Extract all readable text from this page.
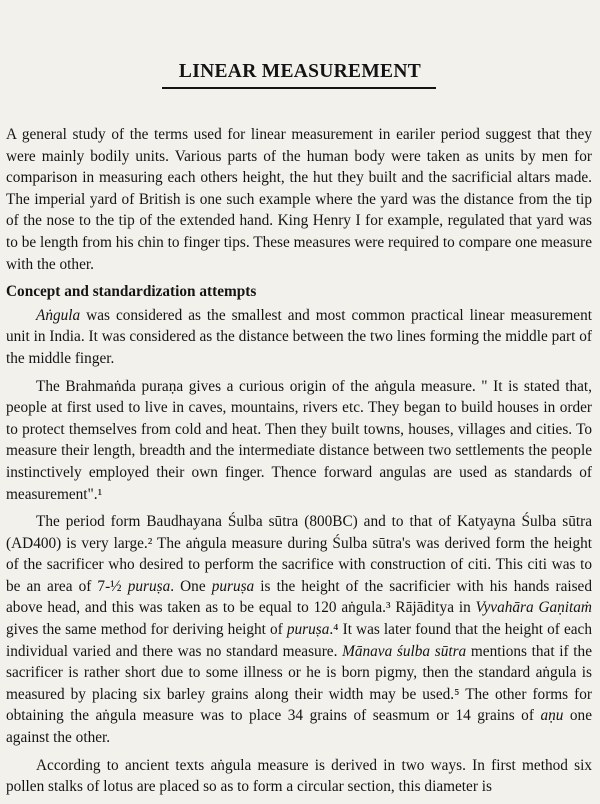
LINEAR MEASUREMENT

A general study of the terms used for linear measurement in eariler period suggest that they were mainly bodily units. Various parts of the human body were taken as units by men for comparison in measuring each others height, the hut they built and the sacrificial altars made. The imperial yard of British is one such example where the yard was the distance from the tip of the nose to the tip of the extended hand. King Henry I for example, regulated that yard was to be length from his chin to finger tips. These measures were required to compare one measure with the other.

Concept and standardization attempts

Aṅgula was considered as the smallest and most common practical linear measurement unit in India. It was considered as the distance between the two lines forming the middle part of the middle finger.

The Brahmaṅda puraṇa gives a curious origin of the aṅgula measure. " It is stated that, people at first used to live in caves, mountains, rivers etc. They began to build houses in order to protect themselves from cold and heat. Then they built towns, houses, villages and cities. To measure their length, breadth and the intermediate distance between two settlements the people instinctively employed their own finger. Thence forward angulas are used as standards of measurement".¹

The period form Baudhayana Śulba sūtra (800BC) and to that of Katyayna Śulba sūtra (AD400) is very large.² The aṅgula measure during Śulba sūtra's was derived form the height of the sacrificer who desired to perform the sacrifice with construction of citi. This citi was to be an area of 7-½ puruṣa. One puruṣa is the height of the sacrificier with his hands raised above head, and this was taken as to be equal to 120 aṅgula.³ Rājāditya in Vyvahāra Gaṇitaṁ gives the same method for deriving height of puruṣa.⁴ It was later found that the height of each individual varied and there was no standard measure. Mānava śulba sūtra mentions that if the sacrificer is rather short due to some illness or he is born pigmy, then the standard aṅgula is measured by placing six barley grains along their width may be used.⁵ The other forms for obtaining the aṅgula measure was to place 34 grains of seasmum or 14 grains of aṇu one against the other.

According to ancient texts aṅgula measure is derived in two ways. In first method six pollen stalks of lotus are placed so as to form a circular section, this diameter is
